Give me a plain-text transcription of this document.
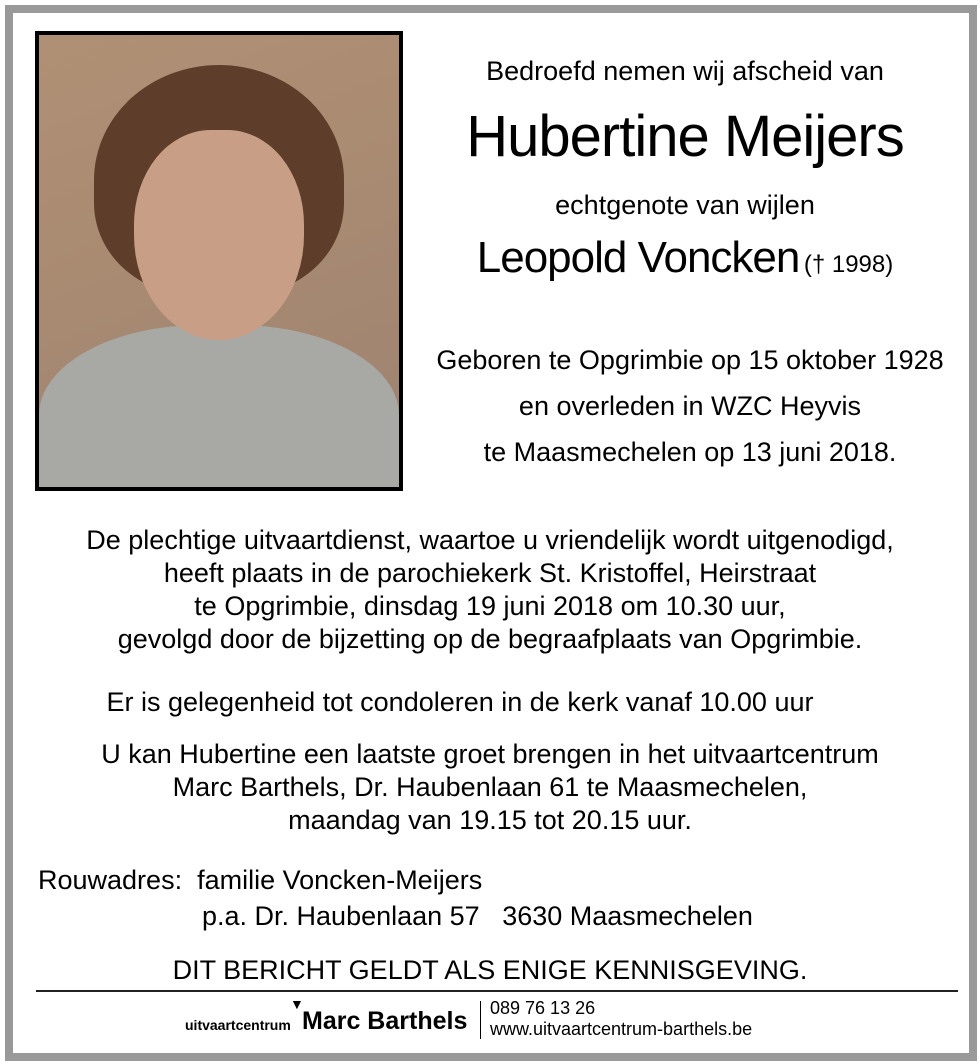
Bedroefd nemen wij afscheid van
Hubertine Meijers
echtgenote van wijlen
Leopold Voncken († 1998)
Geboren te Opgrimbie op 15 oktober 1928
en overleden in WZC Heyvis
te Maasmechelen op 13 juni 2018.
De plechtige uitvaartdienst, waartoe u vriendelijk wordt uitgenodigd,
heeft plaats in de parochiekerk St. Kristoffel, Heirstraat
te Opgrimbie, dinsdag 19 juni 2018 om 10.30 uur,
gevolgd door de bijzetting op de begraafplaats van Opgrimbie.
Er is gelegenheid tot condoleren in de kerk vanaf 10.00 uur
U kan Hubertine een laatste groet brengen in het uitvaartcentrum
Marc Barthels, Dr. Haubenlaan 61 te Maasmechelen,
maandag van 19.15 tot 20.15 uur.
Rouwadres: familie Voncken-Meijers
p.a. Dr. Haubenlaan 57   3630 Maasmechelen
DIT BERICHT GELDT ALS ENIGE KENNISGEVING.
uitvaartcentrum
▼
Marc Barthels 089 76 13 26
www.uitvaartcentrum-barthels.be
